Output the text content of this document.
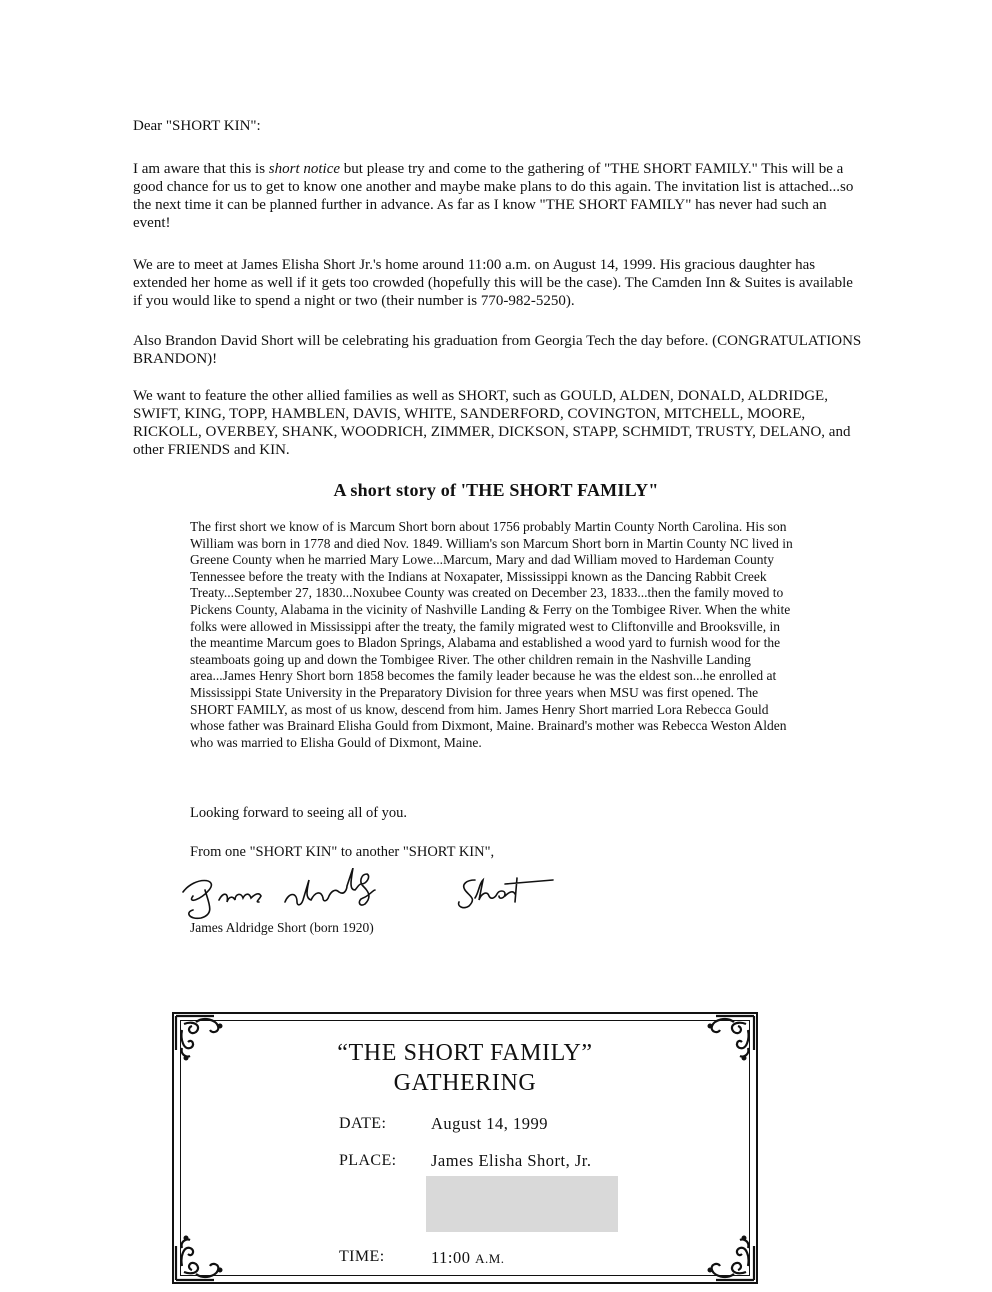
Dear "SHORT KIN":

I am aware that this is short notice but please try and come to the gathering of "THE SHORT FAMILY." This will be a good chance for us to get to know one another and maybe make plans to do this again. The invitation list is attached...so the next time it can be planned further in advance. As far as I know "THE SHORT FAMILY" has never had such an event!

We are to meet at James Elisha Short Jr.'s home around 11:00 a.m. on August 14, 1999. His gracious daughter has extended her home as well if it gets too crowded (hopefully this will be the case). The Camden Inn & Suites is available if you would like to spend a night or two (their number is 770-982-5250).

Also Brandon David Short will be celebrating his graduation from Georgia Tech the day before. (CONGRATULATIONS BRANDON)!

We want to feature the other allied families as well as SHORT, such as GOULD, ALDEN, DONALD, ALDRIDGE, SWIFT, KING, TOPP, HAMBLEN, DAVIS, WHITE, SANDERFORD, COVINGTON, MITCHELL, MOORE, RICKOLL, OVERBEY, SHANK, WOODRICH, ZIMMER, DICKSON, STAPP, SCHMIDT, TRUSTY, DELANO, and other FRIENDS and KIN.

A short story of 'THE SHORT FAMILY"

The first short we know of is Marcum Short born about 1756 probably Martin County North Carolina. His son William was born in 1778 and died Nov. 1849. William's son Marcum Short born in Martin County NC lived in Greene County when he married Mary Lowe...Marcum, Mary and dad William moved to Hardeman County Tennessee before the treaty with the Indians at Noxapater, Mississippi known as the Dancing Rabbit Creek Treaty...September 27, 1830...Noxubee County was created on December 23, 1833...then the family moved to Pickens County, Alabama in the vicinity of Nashville Landing & Ferry on the Tombigee River. When the white folks were allowed in Mississippi after the treaty, the family migrated west to Cliftonville and Brooksville, in the meantime Marcum goes to Bladon Springs, Alabama and established a wood yard to furnish wood for the steamboats going up and down the Tombigee River. The other children remain in the Nashville Landing area...James Henry Short born 1858 becomes the family leader because he was the eldest son...he enrolled at Mississippi State University in the Preparatory Division for three years when MSU was first opened. The SHORT FAMILY, as most of us know, descend from him. James Henry Short married Lora Rebecca Gould whose father was Brainard Elisha Gould from Dixmont, Maine. Brainard's mother was Rebecca Weston Alden who was married to Elisha Gould of Dixmont, Maine.

Looking forward to seeing all of you.
From one "SHORT KIN" to another "SHORT KIN",
James Aldridge Short (born 1920)
“THE SHORT FAMILY”
GATHERING
DATE:	August 14, 1999
PLACE: James Elisha Short, Jr.
TIME:	11:00 A.M.
